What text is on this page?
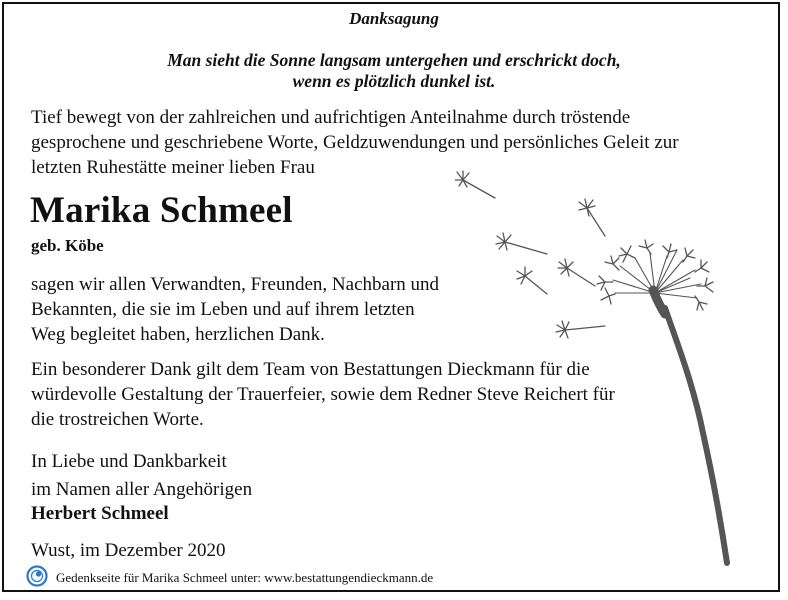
Danksagung
Man sieht die Sonne langsam untergehen und erschrickt doch,
wenn es plötzlich dunkel ist.
Tief bewegt von der zahlreichen und aufrichtigen Anteilnahme durch tröstende
gesprochene und geschriebene Worte, Geldzuwendungen und persönliches Geleit zur
letzten Ruhestätte meiner lieben Frau
Marika Schmeel
geb. Köbe
sagen wir allen Verwandten, Freunden, Nachbarn und
Bekannten, die sie im Leben und auf ihrem letzten
Weg begleitet haben, herzlichen Dank.
Ein besonderer Dank gilt dem Team von Bestattungen Dieckmann für die
würdevolle Gestaltung der Trauerfeier, sowie dem Redner Steve Reichert für
die trostreichen Worte.
In Liebe und Dankbarkeit
im Namen aller Angehörigen
Herbert Schmeel
Wust, im Dezember 2020
Gedenkseite für Marika Schmeel unter: www.bestattungendieckmann.de
